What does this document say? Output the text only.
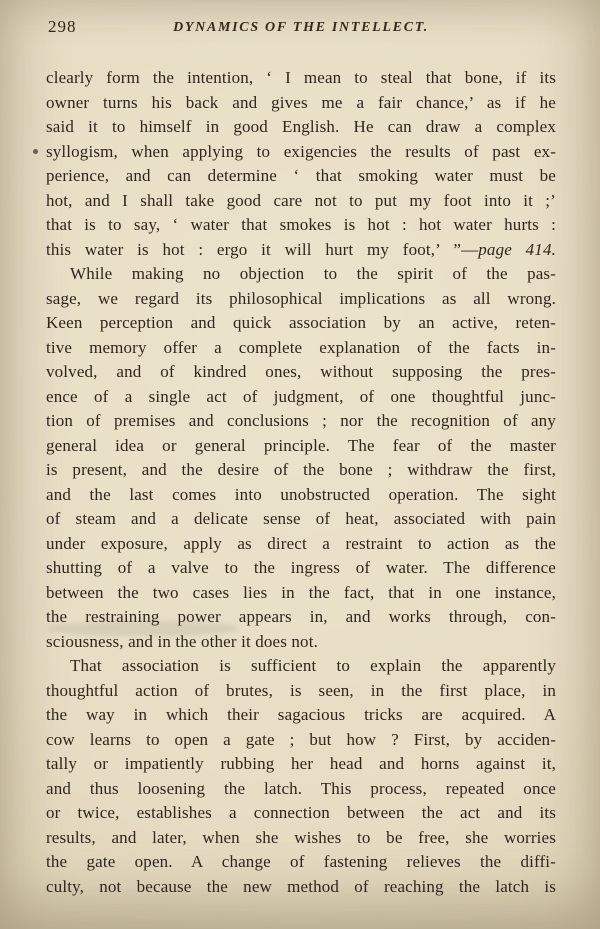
298	DYNAMICS OF THE INTELLECT.
clearly form the intention, ‘ I mean to steal that bone, if its
owner turns his back and gives me a fair chance,’ as if he
said it to himself in good English. He can draw a complex
syllogism, when applying to exigencies the results of past ex-
perience, and can determine ‘ that smoking water must be
hot, and I shall take good care not to put my foot into it ;’
that is to say, ‘ water that smokes is hot : hot water hurts :
this water is hot : ergo it will hurt my foot,’ ”—page 414.
While making no objection to the spirit of the pas-
sage, we regard its philosophical implications as all wrong.
Keen perception and quick association by an active, reten-
tive memory offer a complete explanation of the facts in-
volved, and of kindred ones, without supposing the pres-
ence of a single act of judgment, of one thoughtful junc-
tion of premises and conclusions ; nor the recognition of any
general idea or general principle. The fear of the master
is present, and the desire of the bone ; withdraw the first,
and the last comes into unobstructed operation. The sight
of steam and a delicate sense of heat, associated with pain
under exposure, apply as direct a restraint to action as the
shutting of a valve to the ingress of water. The difference
between the two cases lies in the fact, that in one instance,
the restraining power appears in, and works through, con-
sciousness, and in the other it does not.
That association is sufficient to explain the apparently
thoughtful action of brutes, is seen, in the first place, in
the way in which their sagacious tricks are acquired. A
cow learns to open a gate ; but how ? First, by acciden-
tally or impatiently rubbing her head and horns against it,
and thus loosening the latch. This process, repeated once
or twice, establishes a connection between the act and its
results, and later, when she wishes to be free, she worries
the gate open. A change of fastening relieves the diffi-
culty, not because the new method of reaching the latch is
